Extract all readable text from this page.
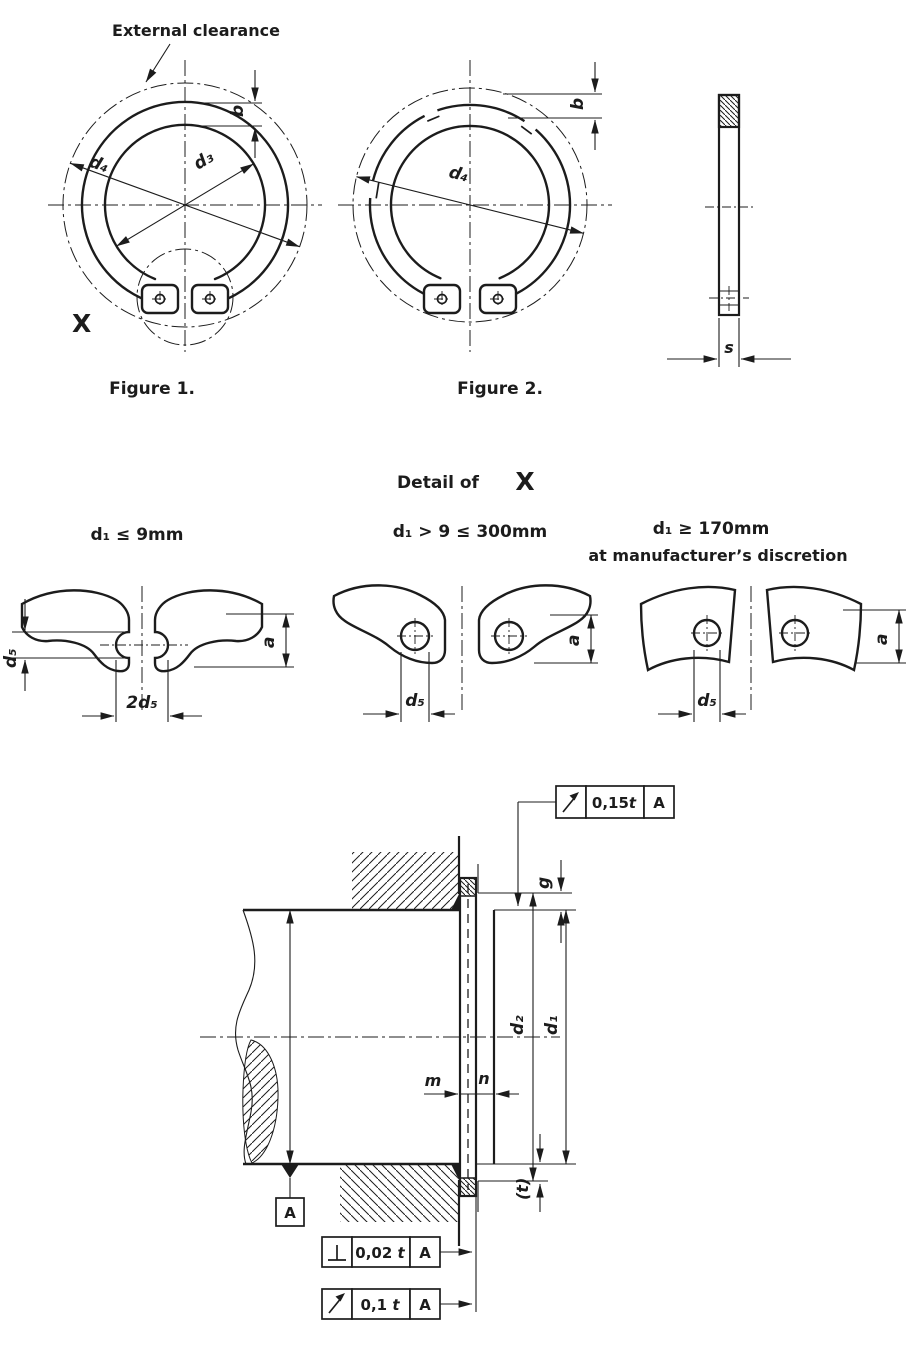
X
External clearance
b
d₄	d₃
Figure 1.
d₄
b
Figure 2.
s
Detail of X
d₁ ≤ 9mm
d₅
2d₅
a
d₁ > 9 ≤ 300mm
d₅
a
d₁ ≥ 170mm
at manufacturer’s discretion
d₅
a
A
g
d₂ d₁
(t)
m n
0,15t A
0,02 t A
0,1 t A
